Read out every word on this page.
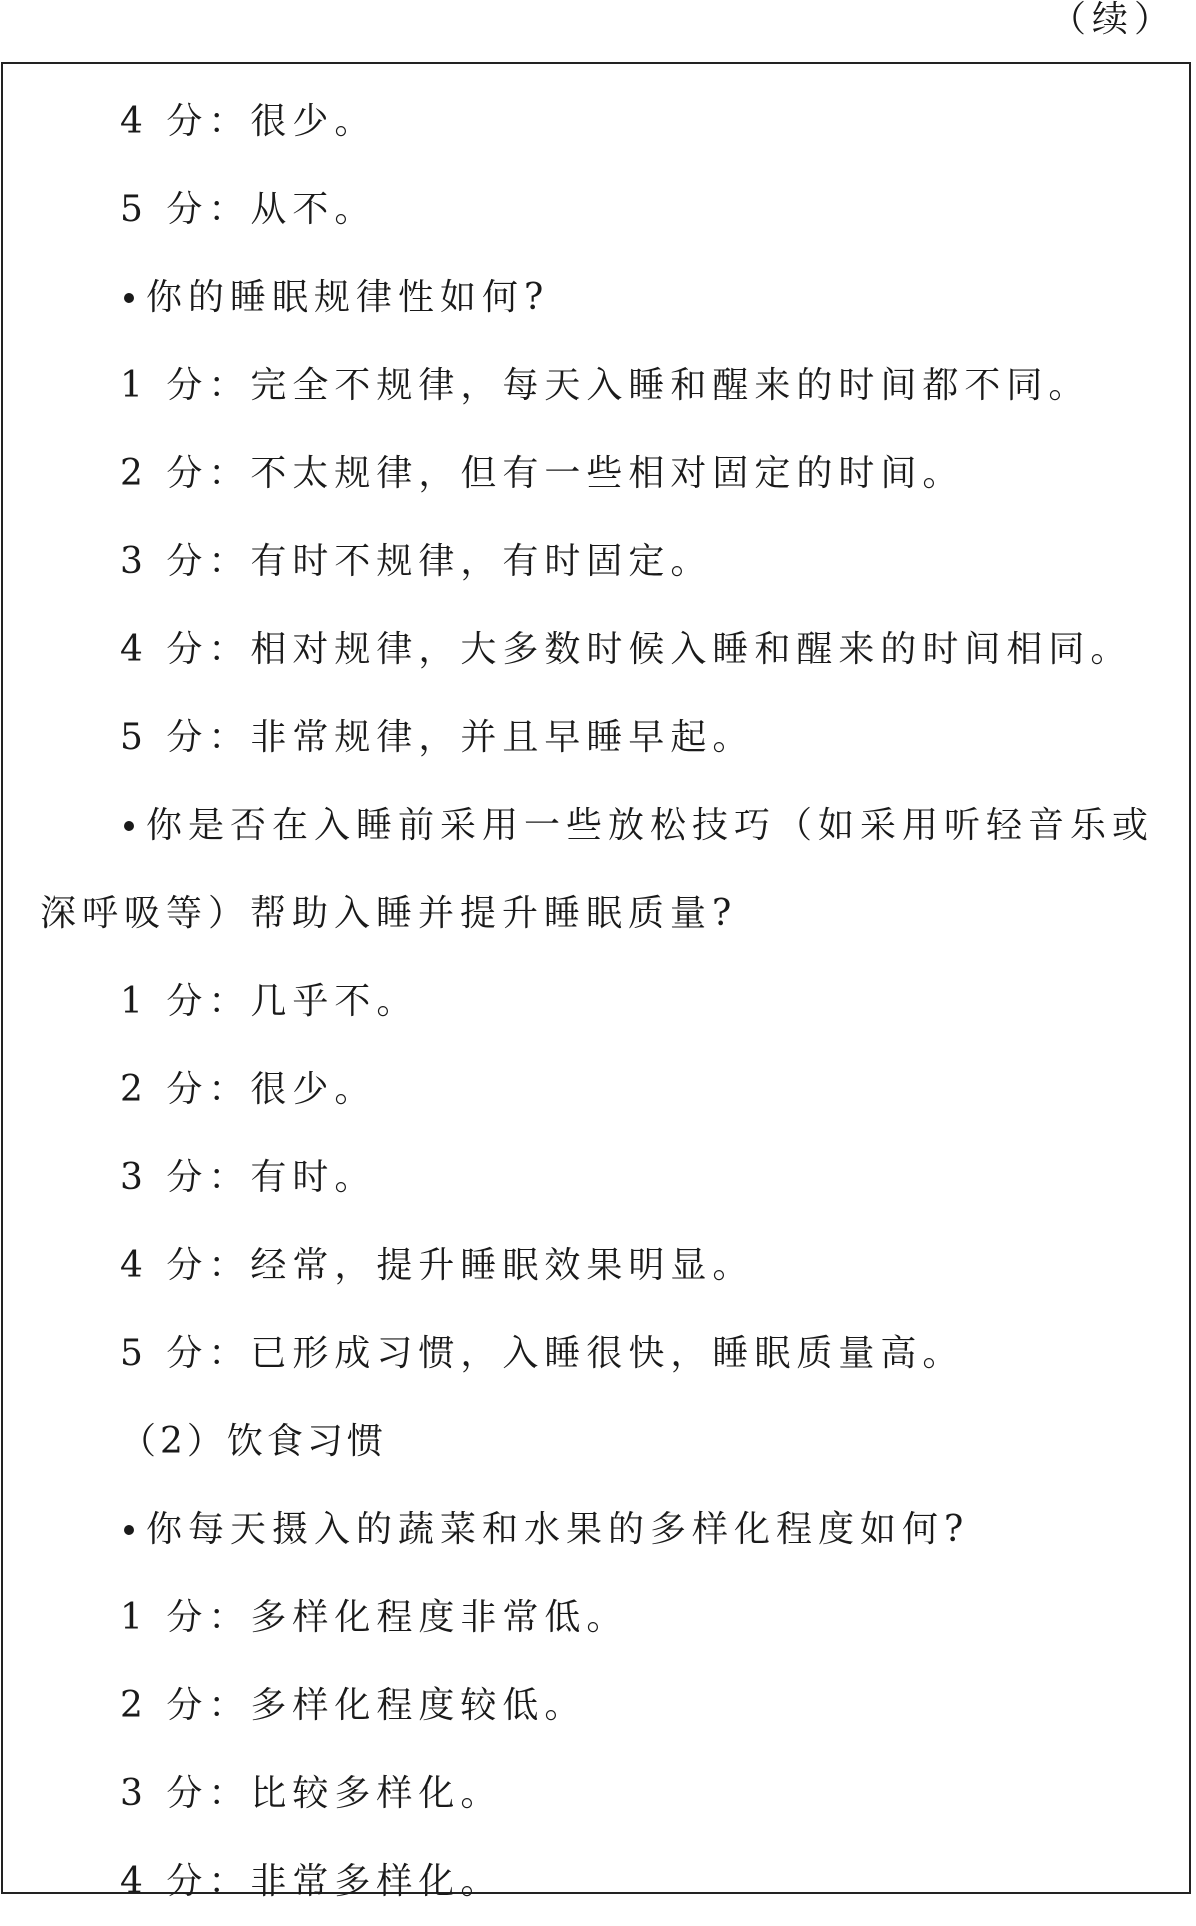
（续）
4 分：很少。
5 分：从不。
你的睡眠规律性如何?
1 分：完全不规律，每天入睡和醒来的时间都不同。
2 分：不太规律，但有一些相对固定的时间。
3 分：有时不规律，有时固定。
4 分：相对规律，大多数时候入睡和醒来的时间相同。
5 分：非常规律，并且早睡早起。
你是否在入睡前采用一些放松技巧（如采用听轻音乐或
深呼吸等）帮助入睡并提升睡眠质量?
1 分：几乎不。
2 分：很少。
3 分：有时。
4 分：经常，提升睡眠效果明显。
5 分：已形成习惯，入睡很快，睡眠质量高。
（2）饮食习惯
你每天摄入的蔬菜和水果的多样化程度如何?
1 分：多样化程度非常低。
2 分：多样化程度较低。
3 分：比较多样化。
4 分：非常多样化。
